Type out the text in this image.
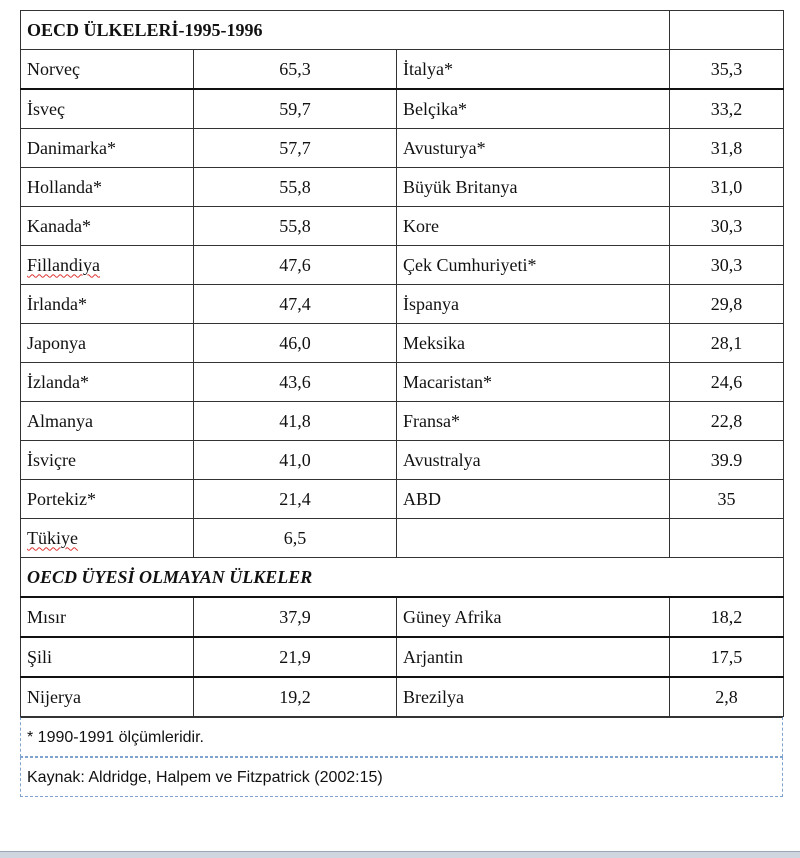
OECD ÜLKELERİ-1995-1996			
Norveç	65,3	İtalya*	35,3
İsveç	59,7	Belçika*	33,2
Danimarka*	57,7	Avusturya*	31,8
Hollanda*	55,8	Büyük Britanya	31,0
Kanada*	55,8	Kore	30,3
Fillandiya	47,6	Çek Cumhuriyeti*	30,3
İrlanda*	47,4	İspanya	29,8
Japonya	46,0	Meksika	28,1
İzlanda*	43,6	Macaristan*	24,6
Almanya	41,8	Fransa*	22,8
İsviçre	41,0	Avustralya	39.9
Portekiz*	21,4	ABD	35
Tükiye	6,5		
OECD ÜYESİ OLMAYAN ÜLKELER			
Mısır	37,9	Güney Afrika	18,2
Şili	21,9	Arjantin	17,5
Nijerya	19,2	Brezilya	2,8
* 1990-1991 ölçümleridir.
Kaynak: Aldridge, Halpem ve Fitzpatrick (2002:15)
